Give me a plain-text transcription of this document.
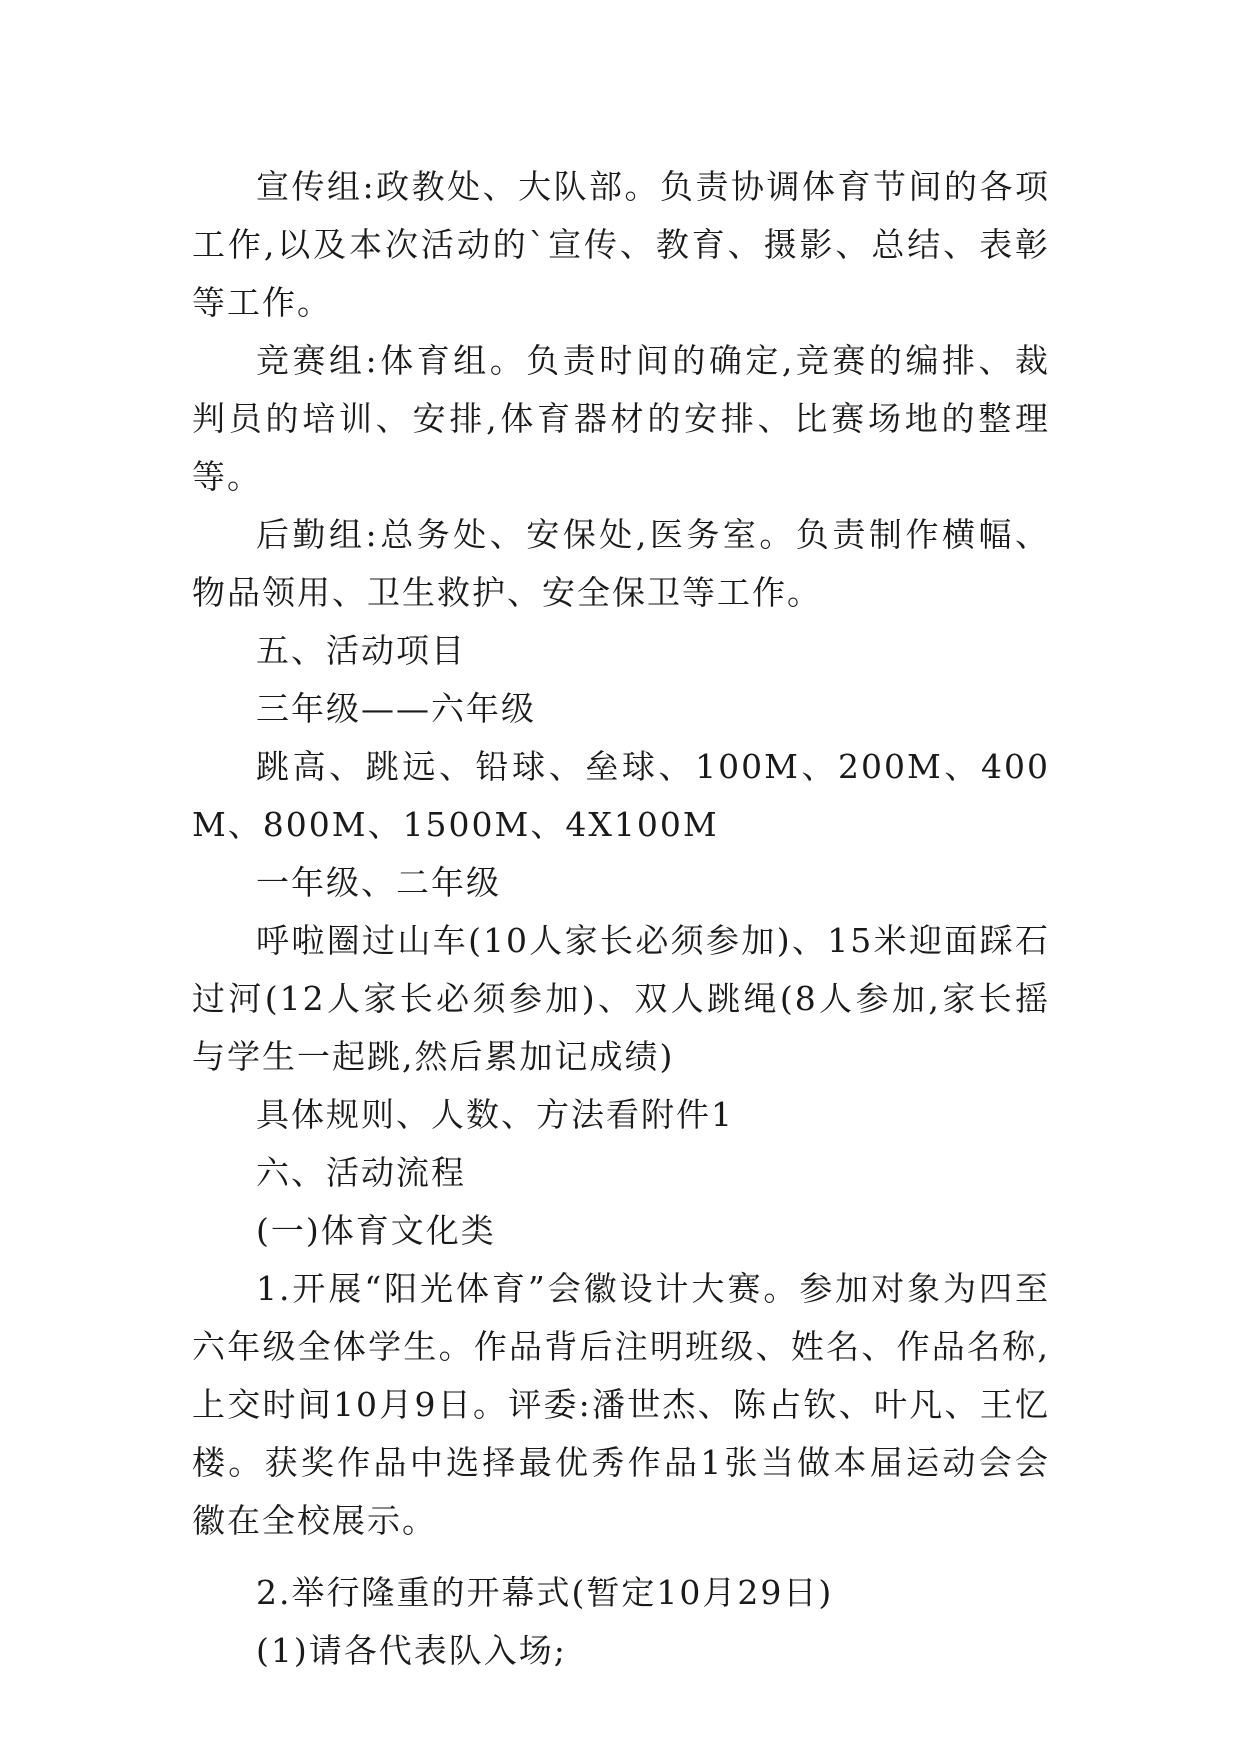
宣传组:政教处、大队部。负责协调体育节间的各项工作,以及本次活动的`宣传、教育、摄影、总结、表彰等工作。

竞赛组:体育组。负责时间的确定,竞赛的编排、裁判员的培训、安排,体育器材的安排、比赛场地的整理等。

后勤组:总务处、安保处,医务室。负责制作横幅、物品领用、卫生救护、安全保卫等工作。

五、活动项目

三年级——六年级

跳高、跳远、铅球、垒球、100M、200M、400M、800M、1500M、4X100M

一年级、二年级

呼啦圈过山车(10人家长必须参加)、15米迎面踩石过河(12人家长必须参加)、双人跳绳(8人参加,家长摇与学生一起跳,然后累加记成绩)

具体规则、人数、方法看附件1

六、活动流程

(一)体育文化类

1.开展“阳光体育”会徽设计大赛。参加对象为四至六年级全体学生。作品背后注明班级、姓名、作品名称,上交时间10月9日。评委:潘世杰、陈占钦、叶凡、王忆楼。获奖作品中选择最优秀作品1张当做本届运动会会徽在全校展示。

2.举行隆重的开幕式(暂定10月29日)

(1)请各代表队入场;
